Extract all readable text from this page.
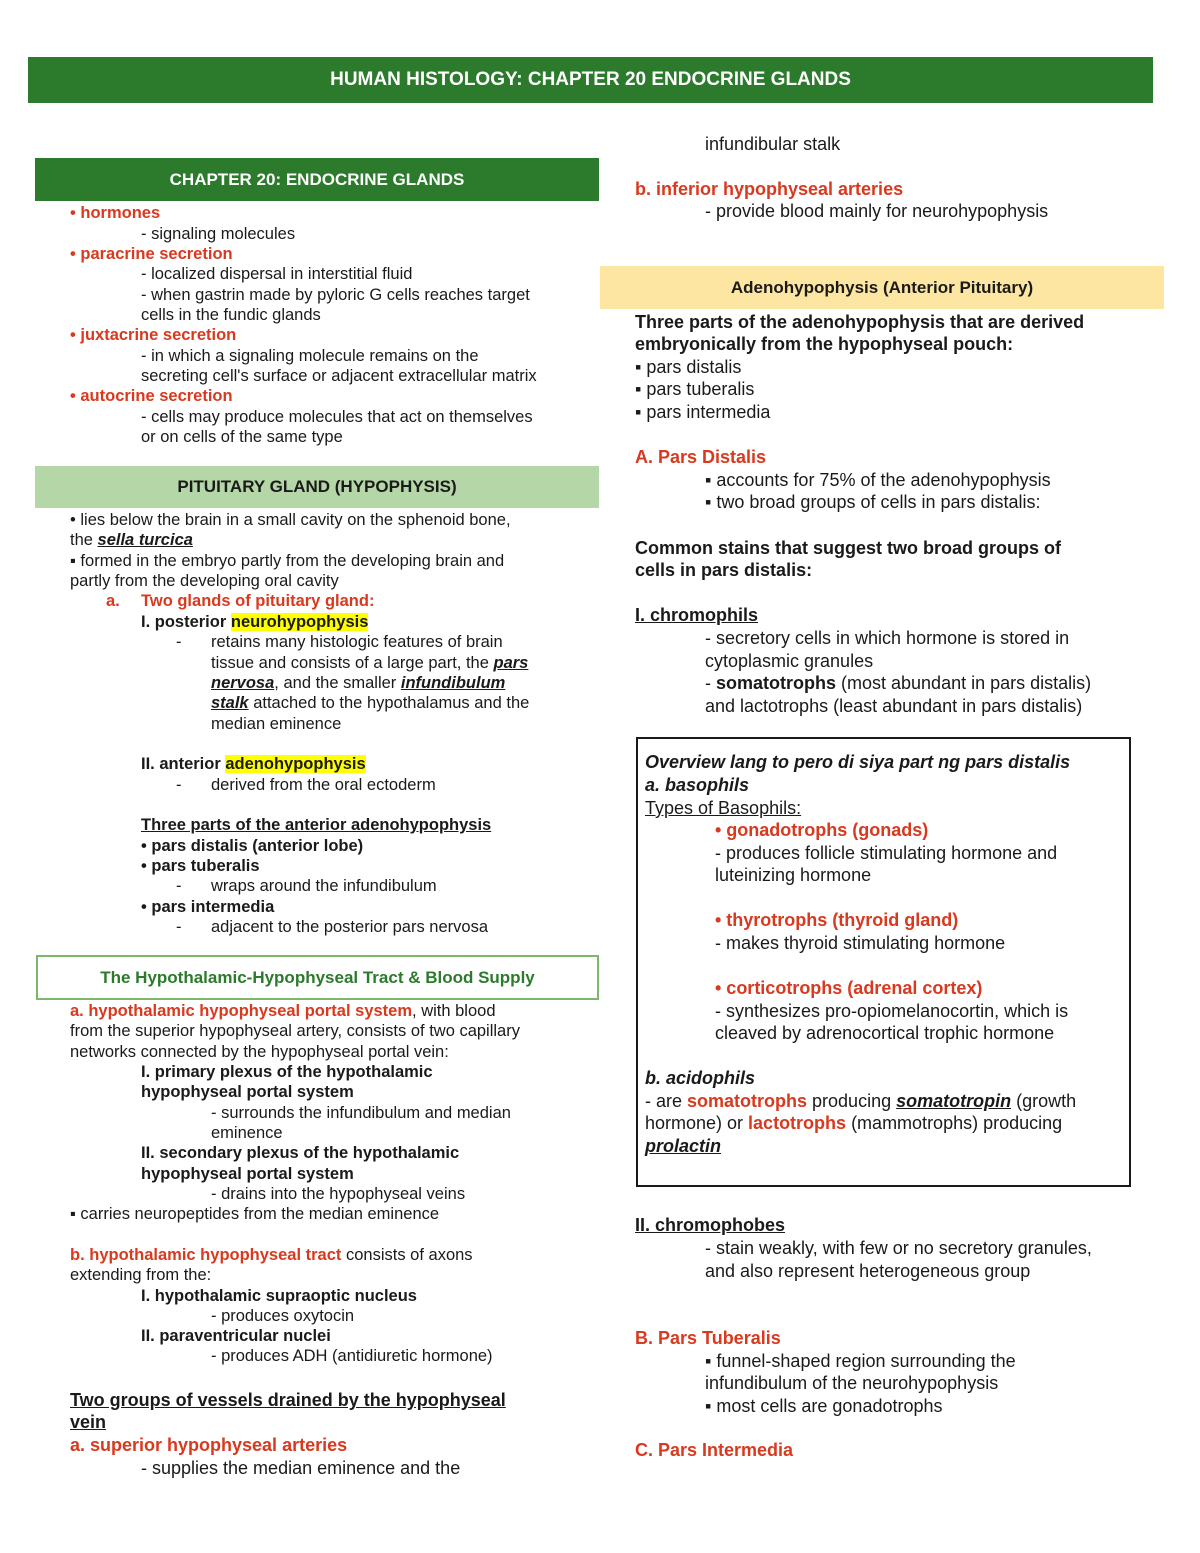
HUMAN HISTOLOGY: CHAPTER 20 ENDOCRINE GLANDS
CHAPTER 20: ENDOCRINE GLANDS
• hormones
- signaling molecules
• paracrine secretion
- localized dispersal in interstitial fluid
- when gastrin made by pyloric G cells reaches target
cells in the fundic glands
• juxtacrine secretion
- in which a signaling molecule remains on the
secreting cell's surface or adjacent extracellular matrix
• autocrine secretion
- cells may produce molecules that act on themselves
or on cells of the same type
PITUITARY GLAND (HYPOPHYSIS)
• lies below the brain in a small cavity on the sphenoid bone,
the sella turcica
▪ formed in the embryo partly from the developing brain and
partly from the developing oral cavity
a. Two glands of pituitary gland:
I. posterior neurohypophysis
- retains many histologic features of brain
tissue and consists of a large part, the pars
nervosa, and the smaller infundibulum
stalk attached to the hypothalamus and the
median eminence
II. anterior adenohypophysis
- derived from the oral ectoderm
Three parts of the anterior adenohypophysis
• pars distalis (anterior lobe)
• pars tuberalis
- wraps around the infundibulum
• pars intermedia
- adjacent to the posterior pars nervosa
The Hypothalamic-Hypophyseal Tract & Blood Supply
a. hypothalamic hypophyseal portal system, with blood
from the superior hypophyseal artery, consists of two capillary
networks connected by the hypophyseal portal vein:
I. primary plexus of the hypothalamic
hypophyseal portal system
- surrounds the infundibulum and median
eminence
II. secondary plexus of the hypothalamic
hypophyseal portal system
- drains into the hypophyseal veins
▪ carries neuropeptides from the median eminence
b. hypothalamic hypophyseal tract consists of axons
extending from the:
I. hypothalamic supraoptic nucleus
- produces oxytocin
II. paraventricular nuclei
- produces ADH (antidiuretic hormone)
Two groups of vessels drained by the hypophyseal
vein
a. superior hypophyseal arteries
- supplies the median eminence and the
infundibular stalk
b. inferior hypophyseal arteries
- provide blood mainly for neurohypophysis
Adenohypophysis (Anterior Pituitary)
Three parts of the adenohypophysis that are derived
embryonically from the hypophyseal pouch:
▪ pars distalis
▪ pars tuberalis
▪ pars intermedia
A. Pars Distalis
▪ accounts for 75% of the adenohypophysis
▪ two broad groups of cells in pars distalis:
Common stains that suggest two broad groups of
cells in pars distalis:
I. chromophils
- secretory cells in which hormone is stored in
cytoplasmic granules
- somatotrophs (most abundant in pars distalis)
and lactotrophs (least abundant in pars distalis)
Overview lang to pero di siya part ng pars distalis
a. basophils
Types of Basophils:
• gonadotrophs (gonads)
- produces follicle stimulating hormone and
luteinizing hormone
• thyrotrophs (thyroid gland)
- makes thyroid stimulating hormone
• corticotrophs (adrenal cortex)
- synthesizes pro-opiomelanocortin, which is
cleaved by adrenocortical trophic hormone
b. acidophils
- are somatotrophs producing somatotropin (growth
hormone) or lactotrophs (mammotrophs) producing
prolactin
II. chromophobes
- stain weakly, with few or no secretory granules,
and also represent heterogeneous group
B. Pars Tuberalis
▪ funnel-shaped region surrounding the
infundibulum of the neurohypophysis
▪ most cells are gonadotrophs
C. Pars Intermedia
